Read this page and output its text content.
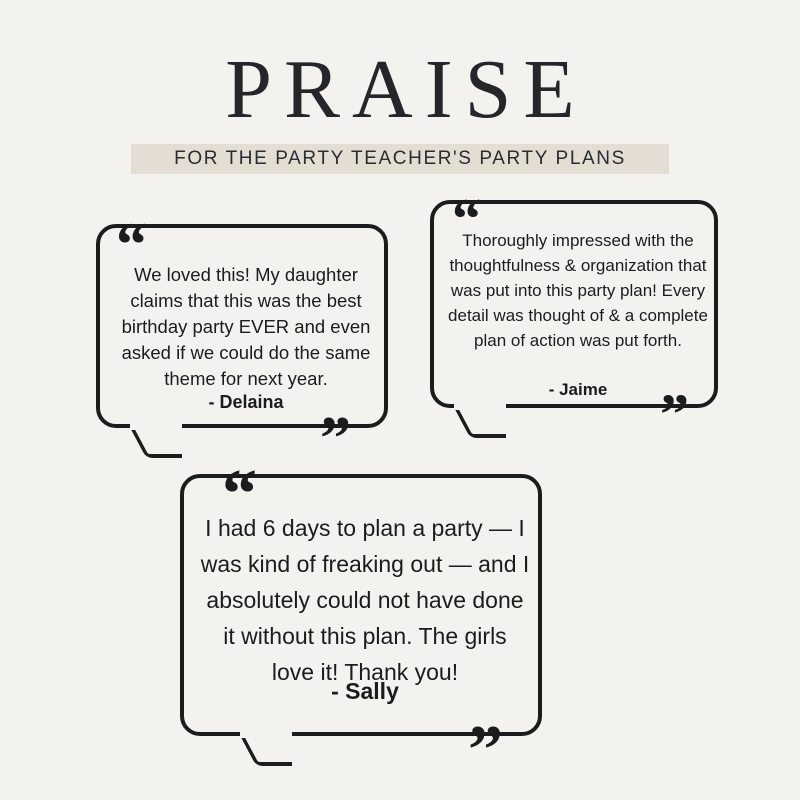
PRAISE
FOR THE PARTY TEACHER'S PARTY PLANS
We loved this! My daughter claims that this was the best birthday party EVER and even asked if we could do the same theme for next year.
- Delaina
“
”
Thoroughly impressed with the thoughtfulness & organization that was put into this party plan! Every detail was thought of & a complete plan of action was put forth.
- Jaime
“
”
I had 6 days to plan a party — I was kind of freaking out — and I absolutely could not have done it without this plan. The girls love it! Thank you!
- Sally
“
”
